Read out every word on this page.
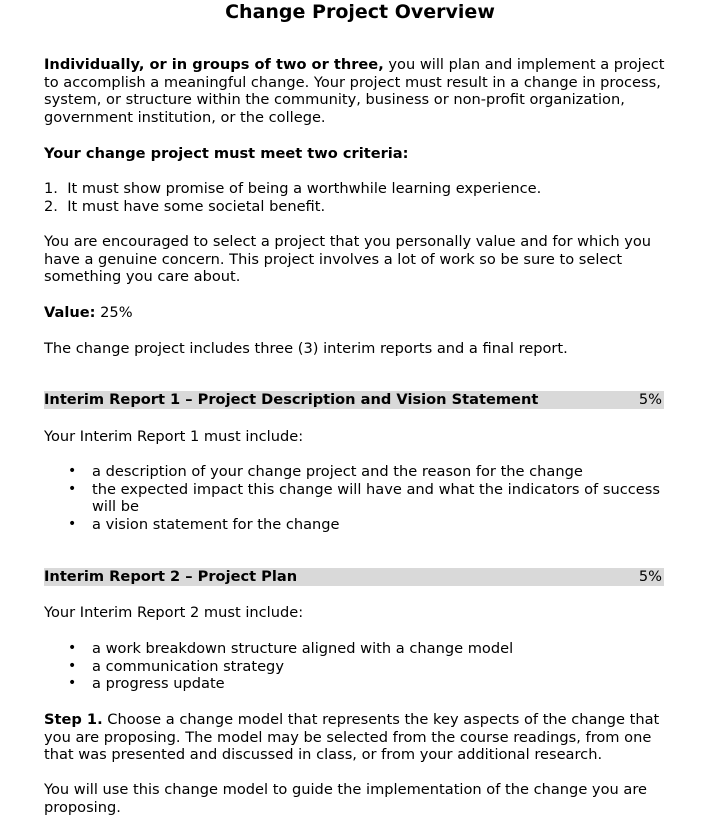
Change Project Overview

Individually, or in groups of two or three, you will plan and implement a project to accomplish a meaningful change. Your project must result in a change in process, system, or structure within the community, business or non-profit organization, government institution, or the college.

Your change project must meet two criteria:

1. It must show promise of being a worthwhile learning experience.
2. It must have some societal benefit.

You are encouraged to select a project that you personally value and for which you have a genuine concern. This project involves a lot of work so be sure to select something you care about.

Value: 25%

The change project includes three (3) interim reports and a final report.

Interim Report 1 – Project Description and Vision Statement	5%

Your Interim Report 1 must include:

• a description of your change project and the reason for the change
• the expected impact this change will have and what the indicators of success will be
• a vision statement for the change
Interim Report 2 – Project Plan	5%

Your Interim Report 2 must include:

• a work breakdown structure aligned with a change model
• a communication strategy
• a progress update

Step 1. Choose a change model that represents the key aspects of the change that you are proposing. The model may be selected from the course readings, from one that was presented and discussed in class, or from your additional research.

You will use this change model to guide the implementation of the change you are proposing.
